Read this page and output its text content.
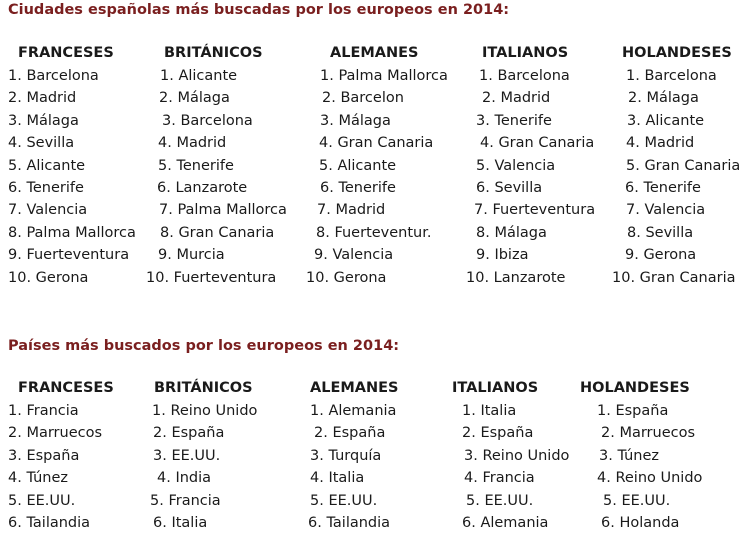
Ciudades españolas más buscadas por los europeos en 2014:
FRANCESES
1. Barcelona
2. Madrid
3. Málaga
4. Sevilla
5. Alicante
6. Tenerife
7. Valencia
8. Palma Mallorca
9. Fuerteventura
10. Gerona
BRITÁNICOS
1. Alicante
2. Málaga
3. Barcelona
4. Madrid
5. Tenerife
6. Lanzarote
7. Palma Mallorca
8. Gran Canaria
9. Murcia
10. Fuerteventura
ALEMANES
1. Palma Mallorca
2. Barcelon
3. Málaga
4. Gran Canaria
5. Alicante
6. Tenerife
7. Madrid
8. Fuerteventur.
9. Valencia
10. Gerona
ITALIANOS
1. Barcelona
2. Madrid
3. Tenerife
4. Gran Canaria
5. Valencia
6. Sevilla
7. Fuerteventura
8. Málaga
9. Ibiza
10. Lanzarote
HOLANDESES
1. Barcelona
2. Málaga
3. Alicante
4. Madrid
5. Gran Canaria
6. Tenerife
7. Valencia
8. Sevilla
9. Gerona
10. Gran Canaria
Países más buscados por los europeos en 2014:
FRANCESES
1. Francia
2. Marruecos
3. España
4. Túnez
5. EE.UU.
6. Tailandia
BRITÁNICOS
1. Reino Unido
2. España
3. EE.UU.
4. India
5. Francia
6. Italia
ALEMANES
1. Alemania
2. España
3. Turquía
4. Italia
5. EE.UU.
6. Tailandia
ITALIANOS
1. Italia
2. España
3. Reino Unido
4. Francia
5. EE.UU.
6. Alemania
HOLANDESES
1. España
2. Marruecos
3. Túnez
4. Reino Unido
5. EE.UU.
6. Holanda
